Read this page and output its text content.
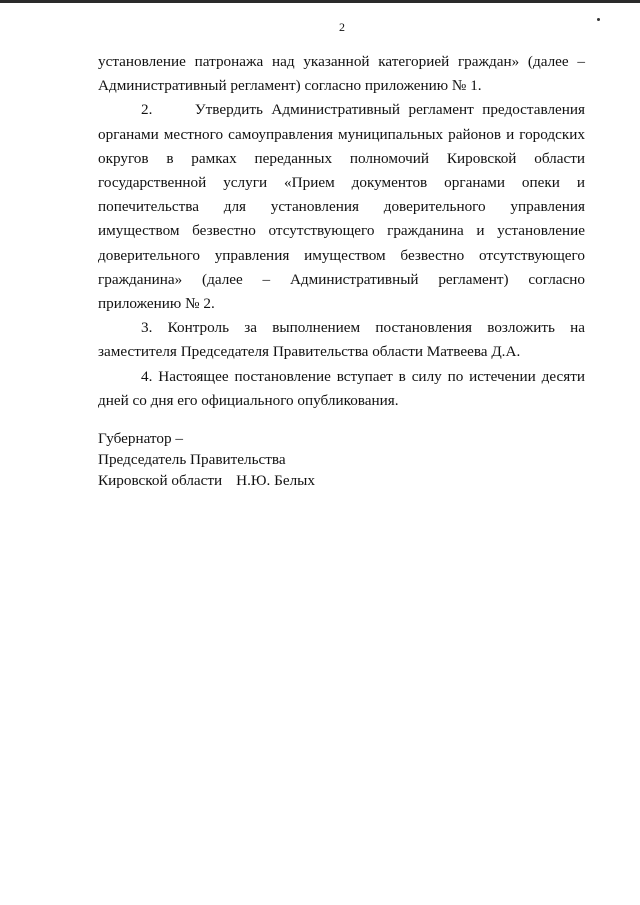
2

установление патронажа над указанной категорией граждан» (далее – Административный регламент) согласно приложению № 1.

2.     Утвердить Административный регламент предоставления органами местного самоуправления муниципальных районов и городских округов в рамках переданных полномочий Кировской области государственной услуги «Прием документов органами опеки и попечительства для установления доверительного управления имуществом безвестно отсутствующего гражданина и установление доверительного управления имуществом безвестно отсутствующего гражданина» (далее – Административный регламент) согласно приложению № 2.

3. Контроль за выполнением постановления возложить на заместителя Председателя Правительства области Матвеева Д.А.

4. Настоящее постановление вступает в силу по истечении десяти дней со дня его официального опубликования.

Губернатор –
Председатель Правительства
Кировской области Н.Ю. Белых
